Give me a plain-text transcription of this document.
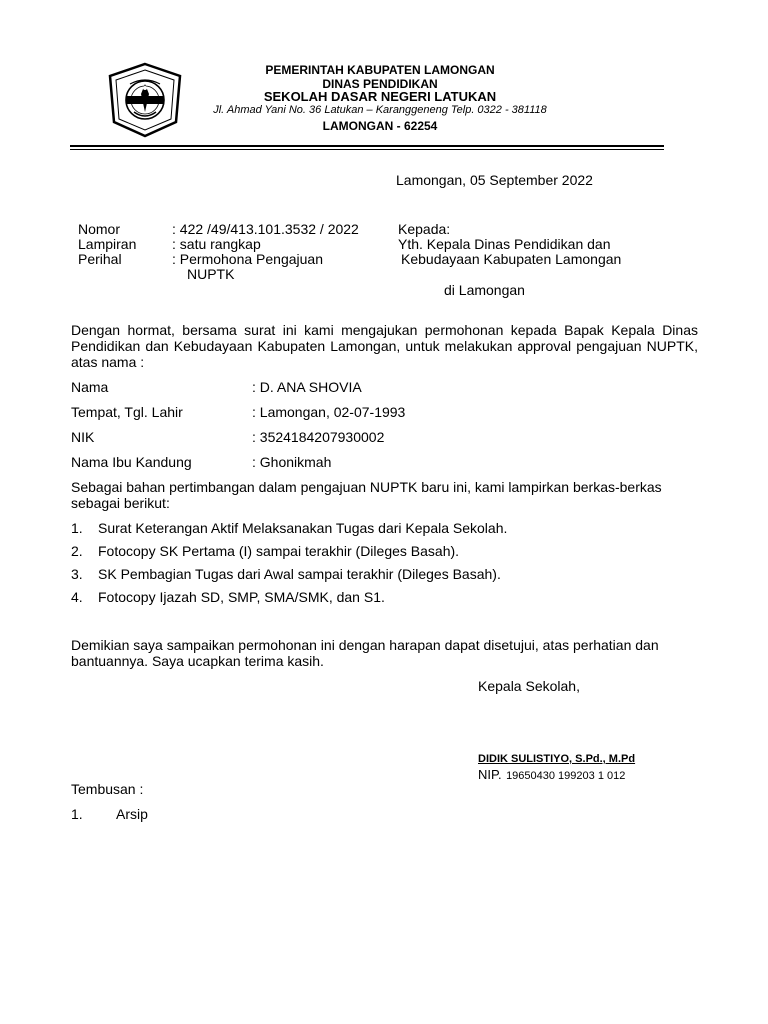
PEMERINTAH KABUPATEN LAMONGAN
DINAS PENDIDIKAN
SEKOLAH DASAR NEGERI LATUKAN
Jl. Ahmad Yani No. 36 Latukan – Karanggeneng Telp. 0322 - 381118
LAMONGAN - 62254
Lamongan, 05 September 2022
Nomor	: 422 /49/413.101.3532 / 2022
Lampiran	: satu rangkap
Perihal	: Permohona Pengajuan
NUPTK
Kepada:
Yth. Kepala Dinas Pendidikan dan
Kebudayaan Kabupaten Lamongan
di Lamongan
Dengan hormat, bersama surat ini kami mengajukan permohonan kepada Bapak Kepala Dinas Pendidikan dan Kebudayaan Kabupaten Lamongan, untuk melakukan approval pengajuan NUPTK, atas nama :
Nama	: D. ANA SHOVIA
Tempat, Tgl. Lahir	: Lamongan, 02-07-1993
NIK	: 3524184207930002
Nama Ibu Kandung	: Ghonikmah
Sebagai bahan pertimbangan dalam pengajuan NUPTK baru ini, kami lampirkan berkas-berkas sebagai berikut:
1. Surat Keterangan Aktif Melaksanakan Tugas dari Kepala Sekolah.
2. Fotocopy SK Pertama (I) sampai terakhir (Dileges Basah).
3. SK Pembagian Tugas dari Awal sampai terakhir (Dileges Basah).
4. Fotocopy Ijazah SD, SMP, SMA/SMK, dan S1.
Demikian saya sampaikan permohonan ini dengan harapan dapat disetujui, atas perhatian dan bantuannya. Saya ucapkan terima kasih.
Kepala Sekolah,
DIDIK SULISTIYO, S.Pd., M.Pd
NIP. 19650430 199203 1 012
Tembusan :
1. Arsip
